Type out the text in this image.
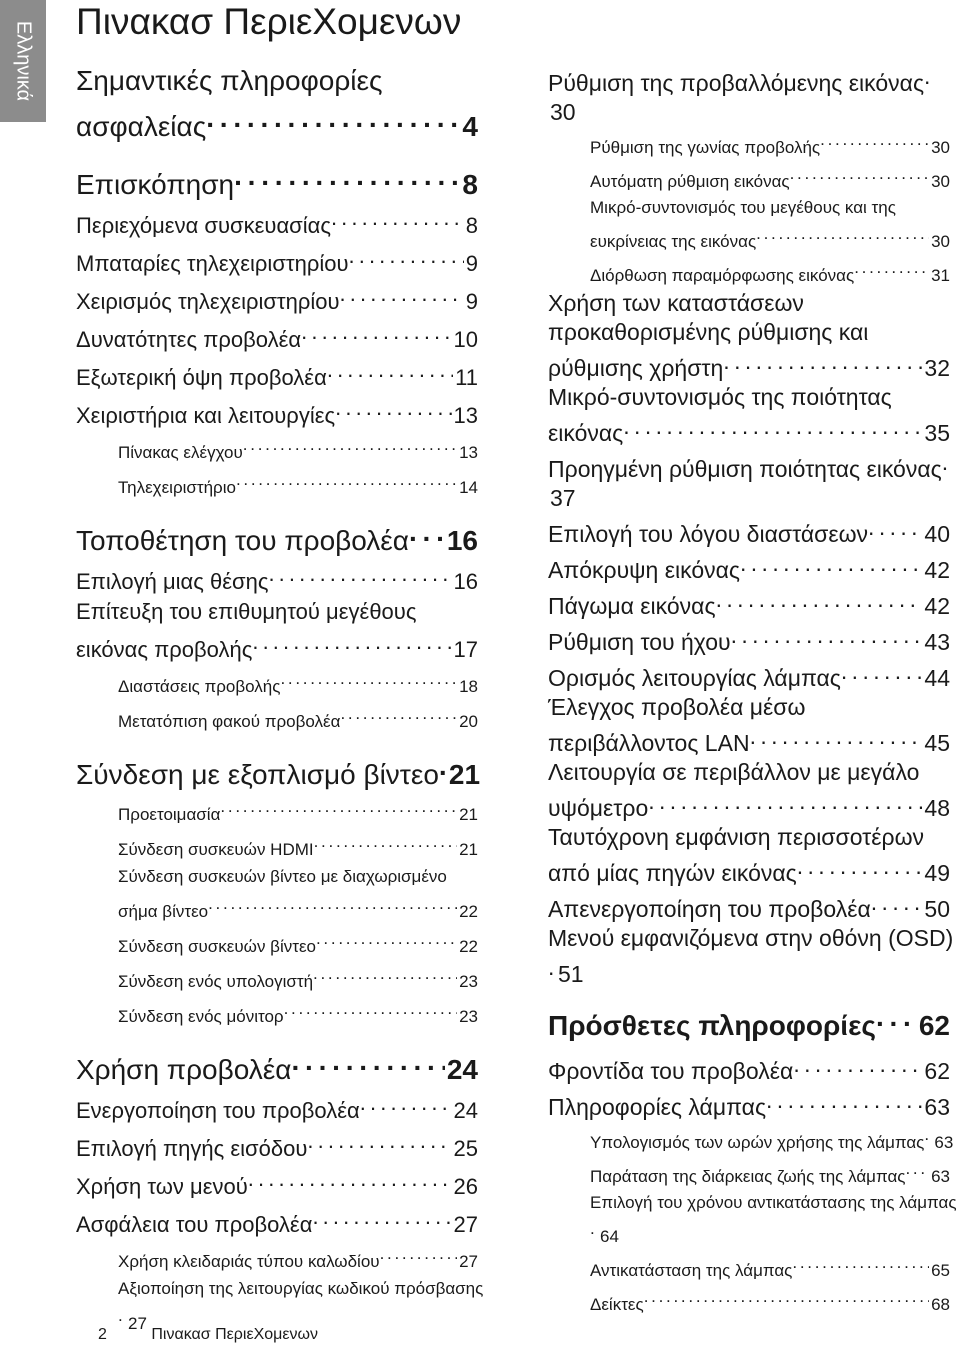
Ελληνικά Πινακασ ΠεριεΧομενων
Σημαντικές πληροφορίες ασφαλείας. . .	4
Επισκόπηση. . .	8
Περιεχόμενα συσκευασίας. . .	8
Μπαταρίες τηλεχειριστηρίου. . .	9
Χειρισμός τηλεχειριστηρίου. . .	9
Δυνατότητες προβολέα. . .	10
Εξωτερική όψη προβολέα. . .	11
Χειριστήρια και λειτουργίες. . .	13
Πίνακας ελέγχου. . .	13
Τηλεχειριστήριο. . .	14
Τοποθέτηση του προβολέα. . . 16
Επιλογή μιας θέσης. . .	16
Επίτευξη του επιθυμητού μεγέθους εικόνας προβολής. . .	17
Διαστάσεις προβολής. . .	18
Μετατόπιση φακού προβολέα. . .	20
Σύνδεση με εξοπλισμό βίντεο. . . 21
Προετοιμασία. . .	21
Σύνδεση συσκευών HDMI. . .	21
Σύνδεση συσκευών βίντεο με διαχωρισμένο σήμα βίντεο. . .	22
Σύνδεση συσκευών βίντεο. . .	22
Σύνδεση ενός υπολογιστή. . .	23
Σύνδεση ενός μόνιτορ. . .	23
Χρήση προβολέα. . .	24
Ενεργοποίηση του προβολέα. . .	24
Επιλογή πηγής εισόδου. . .	25
Χρήση των μενού. . .	26
Ασφάλεια του προβολέα. . .	27
Χρήση κλειδαριάς τύπου καλωδίου. . .	27
Αξιοποίηση της λειτουργίας κωδικού πρόσβασης. . .27
Ρύθμιση της προβαλλόμενης εικόνας. . .30
Ρύθμιση της γωνίας προβολής. . .	30
Αυτόματη ρύθμιση εικόνας. . .	30
Μικρό-συντονισμός του μεγέθους και της ευκρίνειας της εικόνας. . .	30
Διόρθωση παραμόρφωσης εικόνας. . .	31
Χρήση των καταστάσεων προκαθορισμένης ρύθμισης και ρύθμισης χρήστη. . .	32
Μικρό-συντονισμός της ποιότητας εικόνας. . .	35
Προηγμένη ρύθμιση ποιότητας εικόνας. . .37
Επιλογή του λόγου διαστάσεων. . . 40
Απόκρυψη εικόνας. . .	42
Πάγωμα εικόνας. . .	42
Ρύθμιση του ήχου. . .	43
Ορισμός λειτουργίας λάμπας. . .	44
Έλεγχος προβολέα μέσω περιβάλλοντος LAN. . .	45
Λειτουργία σε περιβάλλον με μεγάλο υψόμετρο. . .	48
Ταυτόχρονη εμφάνιση περισσοτέρων από μίας πηγών εικόνας. . .	49
Απενεργοποίηση του προβολέα. . . 50
Μενού εμφανιζόμενα στην οθόνη (OSD). . .51
Πρόσθετες πληροφορίες. . . 62
Φροντίδα του προβολέα. . .	62
Πληροφορίες λάμπας. . .	63
Υπολογισμός των ωρών χρήσης της λάμπας. . . 63
Παράταση της διάρκειας ζωής της λάμπας. . . 63
Επιλογή του χρόνου αντικατάστασης της λάμπας. . .64
Αντικατάσταση της λάμπας. . .	65
Δείκτες. . .	68
2	Πινακασ ΠεριεΧομενων
